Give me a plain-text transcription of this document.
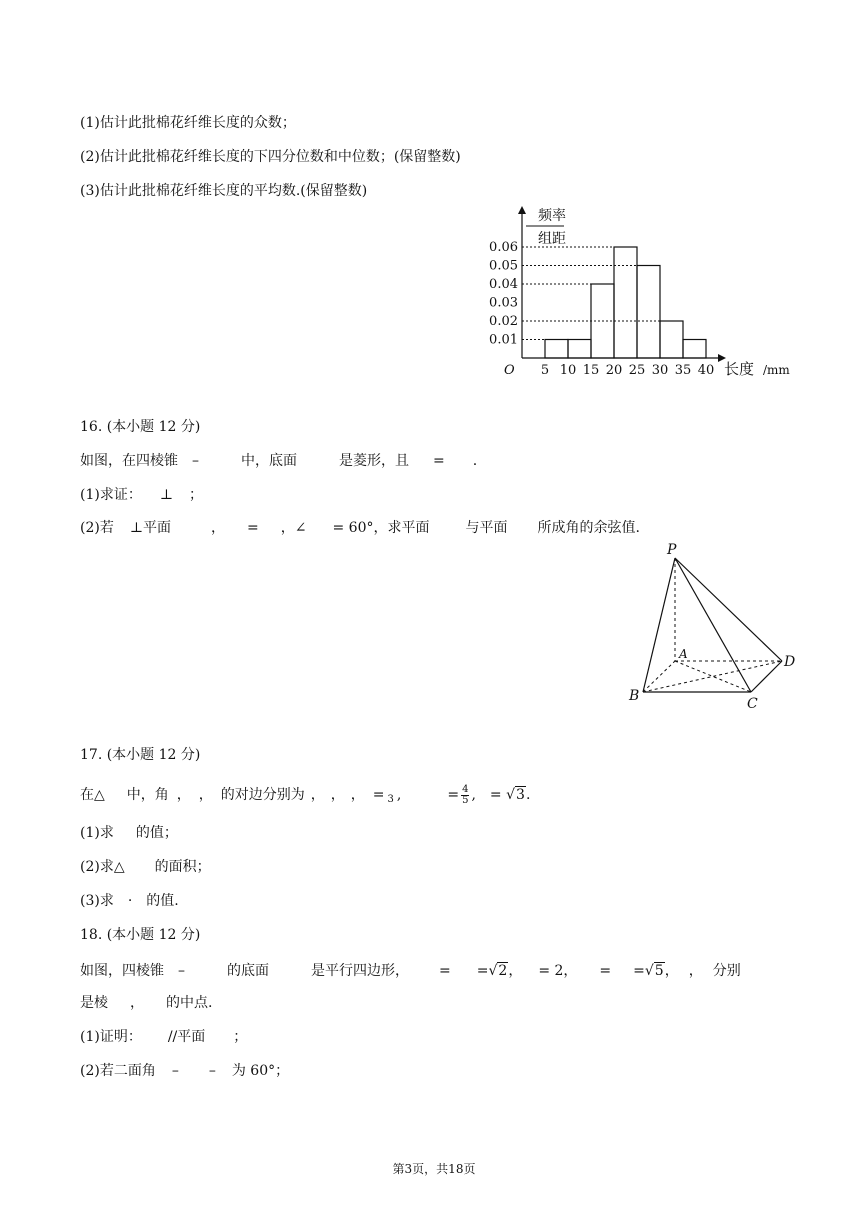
(1)估计此批棉花纤维长度的众数；
(2)估计此批棉花纤维长度的下四分位数和中位数；(保留整数)
(3)估计此批棉花纤维长度的平均数.(保留整数)
0.01
0.02
0.03
0.04
0.05
0.06
5 10 15 20 25 30 35 40
O
频率
组距
长度 /mm
16. (本小题 12 分)
如图，在四棱锥 –	中，底面	是菱形，且 = .
(1)求证： ⊥ ；
(2)若 ⊥平面	， = ，∠ = 60°，求平面	与平面 所成角的余弦值.
P
A
B	C
D
17. (本小题 12 分)
在△ 中，角 ， ， 的对边分别为 ， ， ， =
3 ,	= $\frac{4}{5}$ , = √3.
(1)求 的值；
(2)求△ 的面积；
(3)求 · 的值.
18. (本小题 12 分)
如图，四棱锥 –	的底面	是平行四边形， = =√2， = 2， = =√5， ， 分别
是棱 ， 的中点.
(1)证明： //平面 ；
(2)若二面角 – – 为 60°；
第3页，共18页
